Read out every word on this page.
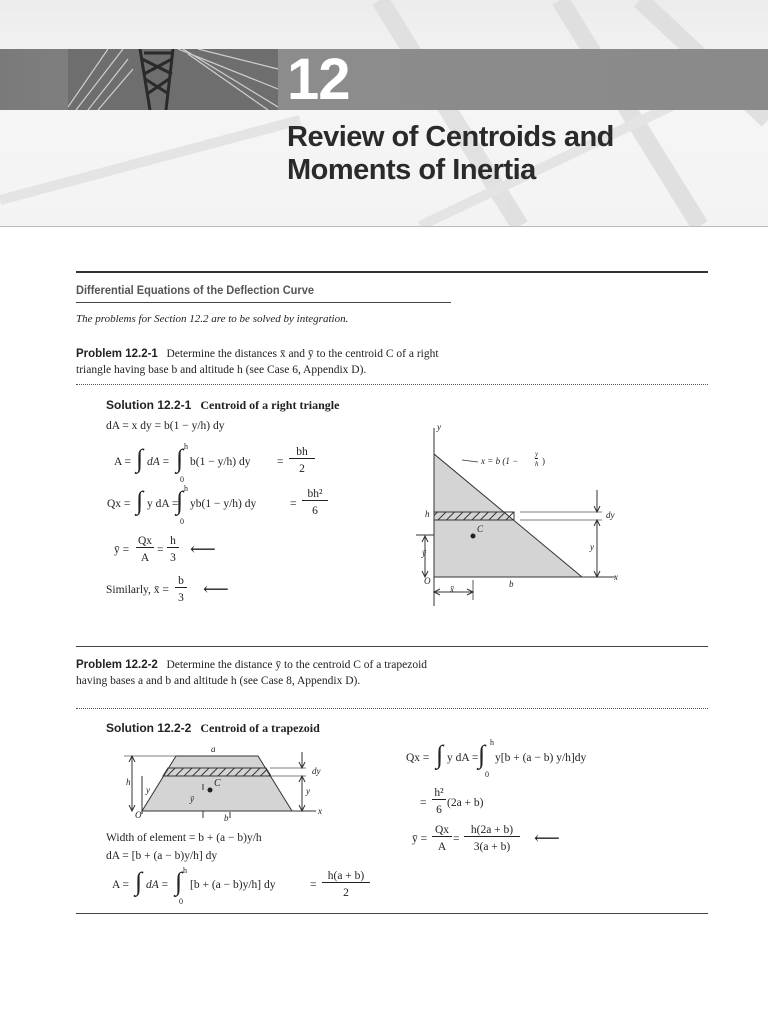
12
Review of Centroids and
Moments of Inertia
Differential Equations of the Deflection Curve
The problems for Section 12.2 are to be solved by integration.
Problem 12.2-1 Determine the distances x̄ and ȳ to the centroid C of a right
triangle having base b and altitude h (see Case 6, Appendix D).
Solution 12.2-1 Centroid of a right triangle
dA = x dy = b(1 − y/h) dy
A = ∫ dA = ∫ h
0
b(1 − y/h) dy =
bh
2
Qx = ∫ y dA =
∫ h
0
yb(1 − y/h) dy	=
bh²
6
ȳ =
Qx
A
=
h
3 ⟵
Similarly, x̄ =
b
3 ⟵
y
x = b (1 −
y
h )
h
C
dy
y
ȳ
O	b
x
x̄
Problem 12.2-2 Determine the distance ȳ to the centroid C of a trapezoid
having bases a and b and altitude h (see Case 8, Appendix D).
Solution 12.2-2 Centroid of a trapezoid
a
h
y
C
ȳ
dy
y
x
O	b
Width of element = b + (a − b)y/h
dA = [b + (a − b)y/h] dy
A = ∫ dA = ∫ h
0
[b + (a − b)y/h] dy	=
h(a + b)
2
Qx = ∫ y dA = ∫ h
0
y[b + (a − b) y/h]dy
=
h²
6
(2a + b)
ȳ =
Qx
A
=
h(2a + b)
3(a + b)	⟵
